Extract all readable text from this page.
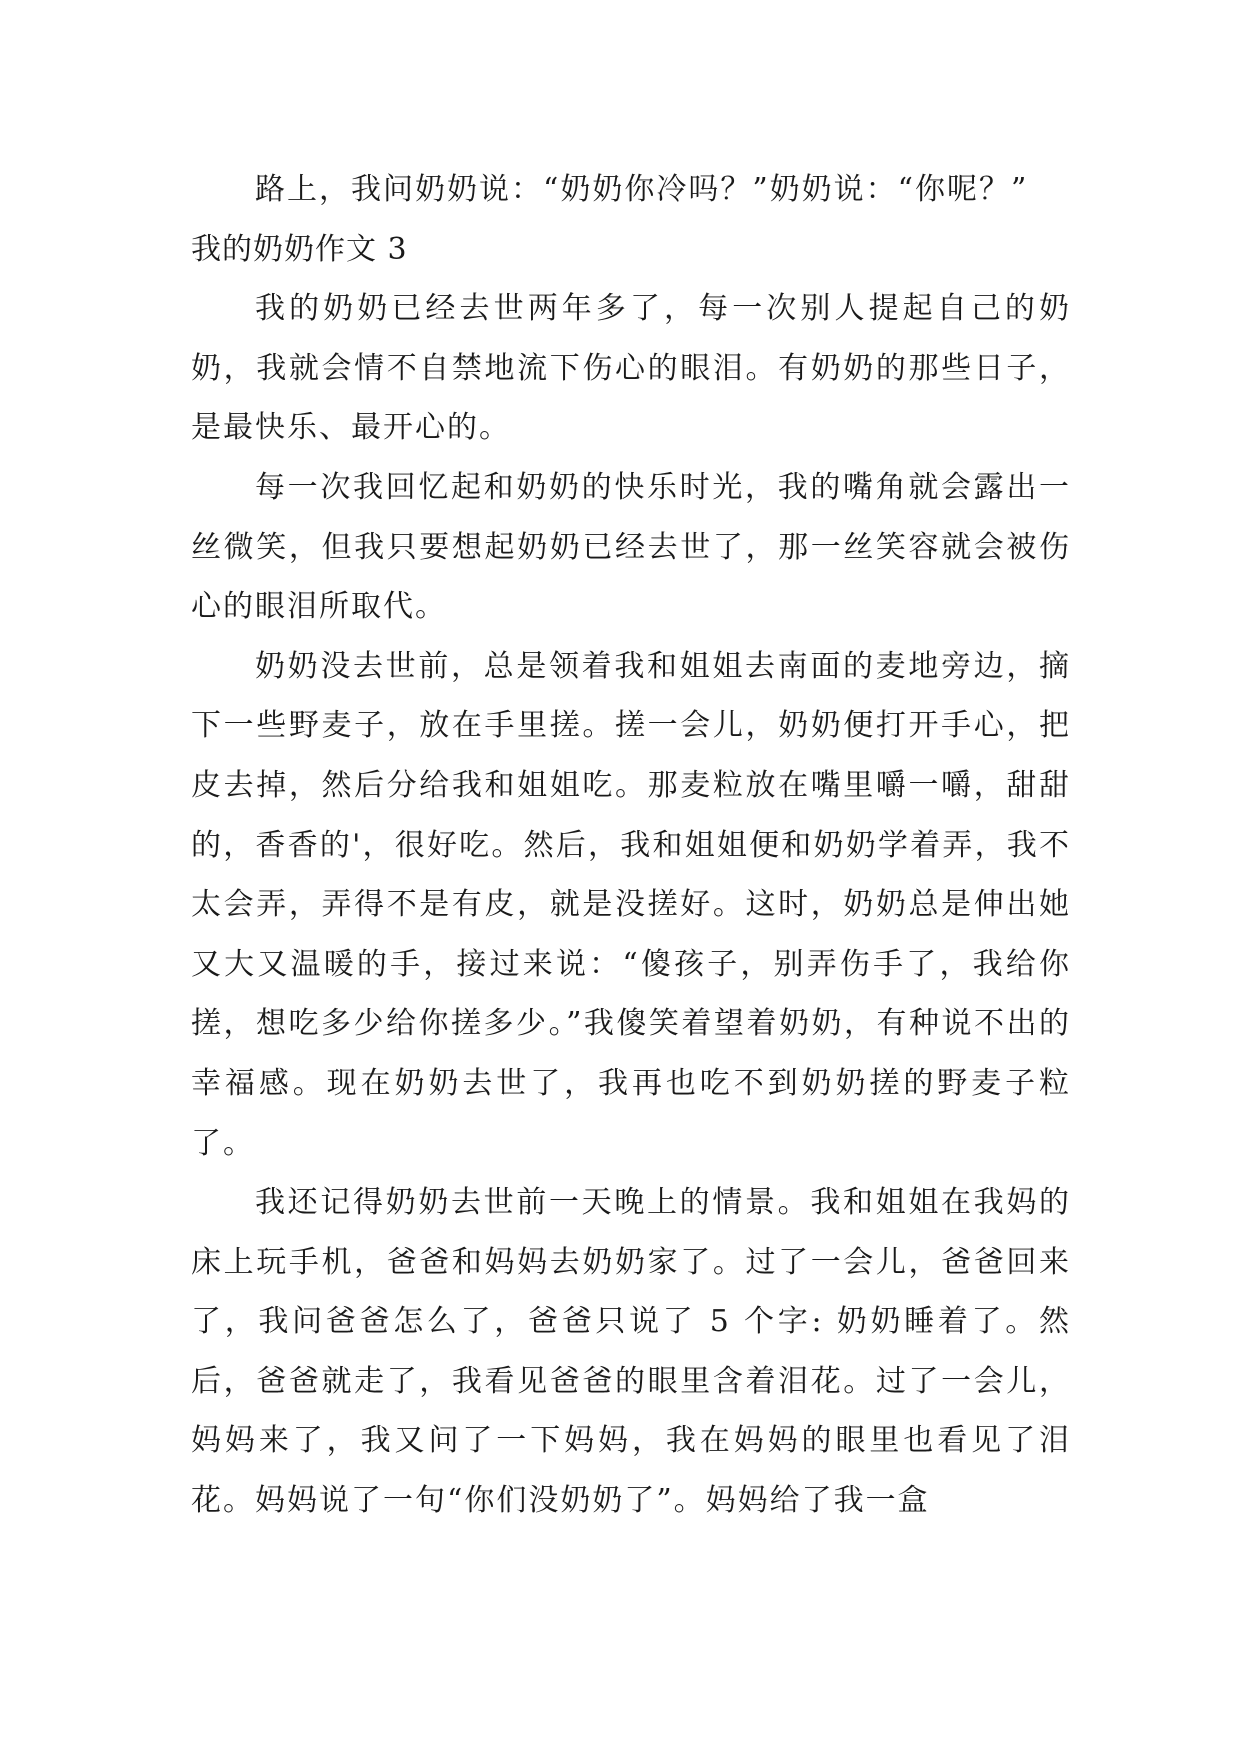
路上，我问奶奶说：“奶奶你冷吗？”奶奶说：“你呢？”

我的奶奶作文 3

我的奶奶已经去世两年多了，每一次别人提起自己的奶奶，我就会情不自禁地流下伤心的眼泪。有奶奶的那些日子，是最快乐、最开心的。

每一次我回忆起和奶奶的快乐时光，我的嘴角就会露出一丝微笑，但我只要想起奶奶已经去世了，那一丝笑容就会被伤心的眼泪所取代。

奶奶没去世前，总是领着我和姐姐去南面的麦地旁边，摘下一些野麦子，放在手里搓。搓一会儿，奶奶便打开手心，把皮去掉，然后分给我和姐姐吃。那麦粒放在嘴里嚼一嚼，甜甜的，香香的'，很好吃。然后，我和姐姐便和奶奶学着弄，我不太会弄，弄得不是有皮，就是没搓好。这时，奶奶总是伸出她又大又温暖的手，接过来说：“傻孩子，别弄伤手了，我给你搓，想吃多少给你搓多少。”我傻笑着望着奶奶，有种说不出的幸福感。现在奶奶去世了，我再也吃不到奶奶搓的野麦子粒了。

我还记得奶奶去世前一天晚上的情景。我和姐姐在我妈的床上玩手机，爸爸和妈妈去奶奶家了。过了一会儿，爸爸回来了，我问爸爸怎么了，爸爸只说了 5 个字: 奶奶睡着了。然后，爸爸就走了，我看见爸爸的眼里含着泪花。过了一会儿，妈妈来了，我又问了一下妈妈，我在妈妈的眼里也看见了泪花。妈妈说了一句“你们没奶奶了”。妈妈给了我一盒
